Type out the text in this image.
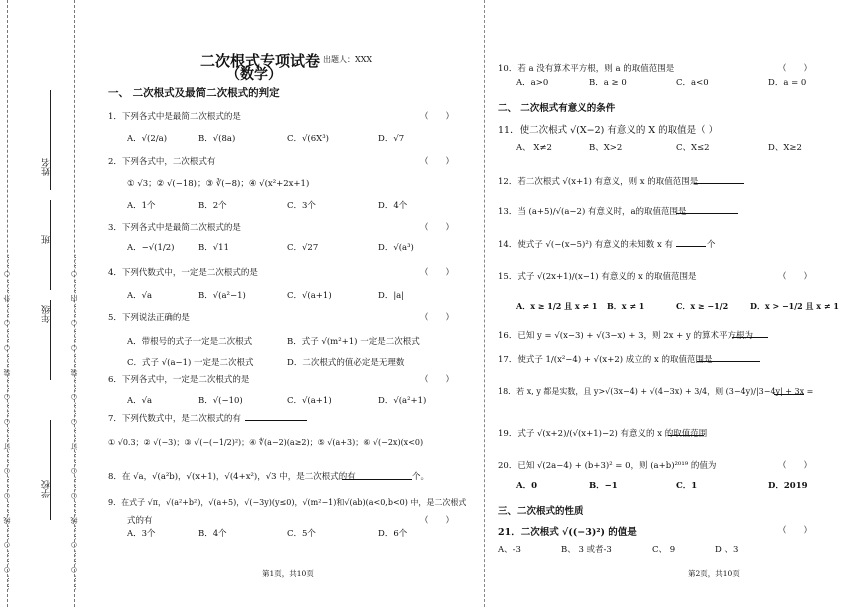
……○……○……线……○……○……订……○……○……装……○……○……外……○……	……○……○……线……○……○……订……○……○……装……○……○……内……○……
姓名
班
年级
学校
二次根式专项试卷 出题人：XXX
（数学）
一、 二次根式及最简二次根式的判定
1．下列各式中是最简二次根式的是	（　　）
A．√(2/a)	B．√(8a)	C．√(6X³)	D．√7
2．下列各式中，二次根式有	（　　）
① √3；② √(−18)；③ ∛(−8)；④ √(x²+2x+1)
A．1个	B．2个	C．3个	D．4个
3．下列各式中是最简二次根式的是	（　　）
A．−√(1/2)	B．√11	C．√27	D．√(a³)
4．下列代数式中，一定是二次根式的是	（　　）
A．√a	B．√(a²−1)	C．√(a+1)	D．|a|
5．下列说法正确的是	（　　）
A．带根号的式子一定是二次根式	B．式子 √(m²+1) 一定是二次根式
C．式子 √(a−1) 一定是二次根式	D．二次根式的值必定是无理数
6．下列各式中，一定是二次根式的是	（　　）
A．√a	B．√(−10)	C．√(a+1)	D．√(a²+1)
7．下列代数式中，是二次根式的有
① √0.3；② √(−3)；③ √(−(−1/2)²)；④ ∜(a−2)(a≥2)；⑤ √(a+3)；⑥ √(−2x)(x<0)
8．在 √a，√(a²b)，√(x+1)，√(4+x²)，√3 中，是二次根式的有	个。
9．在式子 √π，√(a²+b²)，√(a+5)，√(−3y)(y≤0)，√(m²−1)和√(ab)(a<0,b<0) 中，是二次根式
式的有	（　　）
A．3个	B．4个	C．5个	D．6个
第1页，共10页
10．若 a 没有算术平方根，则 a 的取值范围是	（　　）
A．a>0	B．a ≥ 0	C．a<0	D．a = 0
二、 二次根式有意义的条件
11．使二次根式 √(X−2) 有意义的 X 的取值是（ ）
A、 X≠2	B、X>2	C、X≤2	D、X≥2
12．若二次根式 √(x+1) 有意义，则 x 的取值范围是
13．当 (a+5)/√(a−2) 有意义时，a的取值范围是
14．使式子 √(−(x−5)²) 有意义的未知数 x 有	个
15．式子 √(2x+1)/(x−1) 有意义的 x 的取值范围是	（　　）
A．x ≥ 1/2 且 x ≠ 1 B．x ≠ 1	C．x ≥ −1/2	D．x > −1/2 且 x ≠ 1
16．已知 y = √(x−3) + √(3−x) + 3，则 2x + y 的算术平方根为
17．使式子 1/(x²−4) + √(x+2) 成立的 x 的取值范围是
18．若 x, y 都是实数，且 y>√(3x−4) + √(4−3x) + 3/4，则 (3−4y)/|3−4y| + 3x =
19．式子 √(x+2)/(√(x+1)−2) 有意义的 x 的取值范围
20．已知 √(2a−4) + (b+3)² = 0，则 (a+b)²⁰¹⁹ 的值为	（　　）
A．0	B．−1	C．1	D．2019
三、二次根式的性质
21．二次根式 √((−3)²) 的值是	（　　）
A、-3	B、 3 或者-3	C、 9	D 、3
第2页，共10页
